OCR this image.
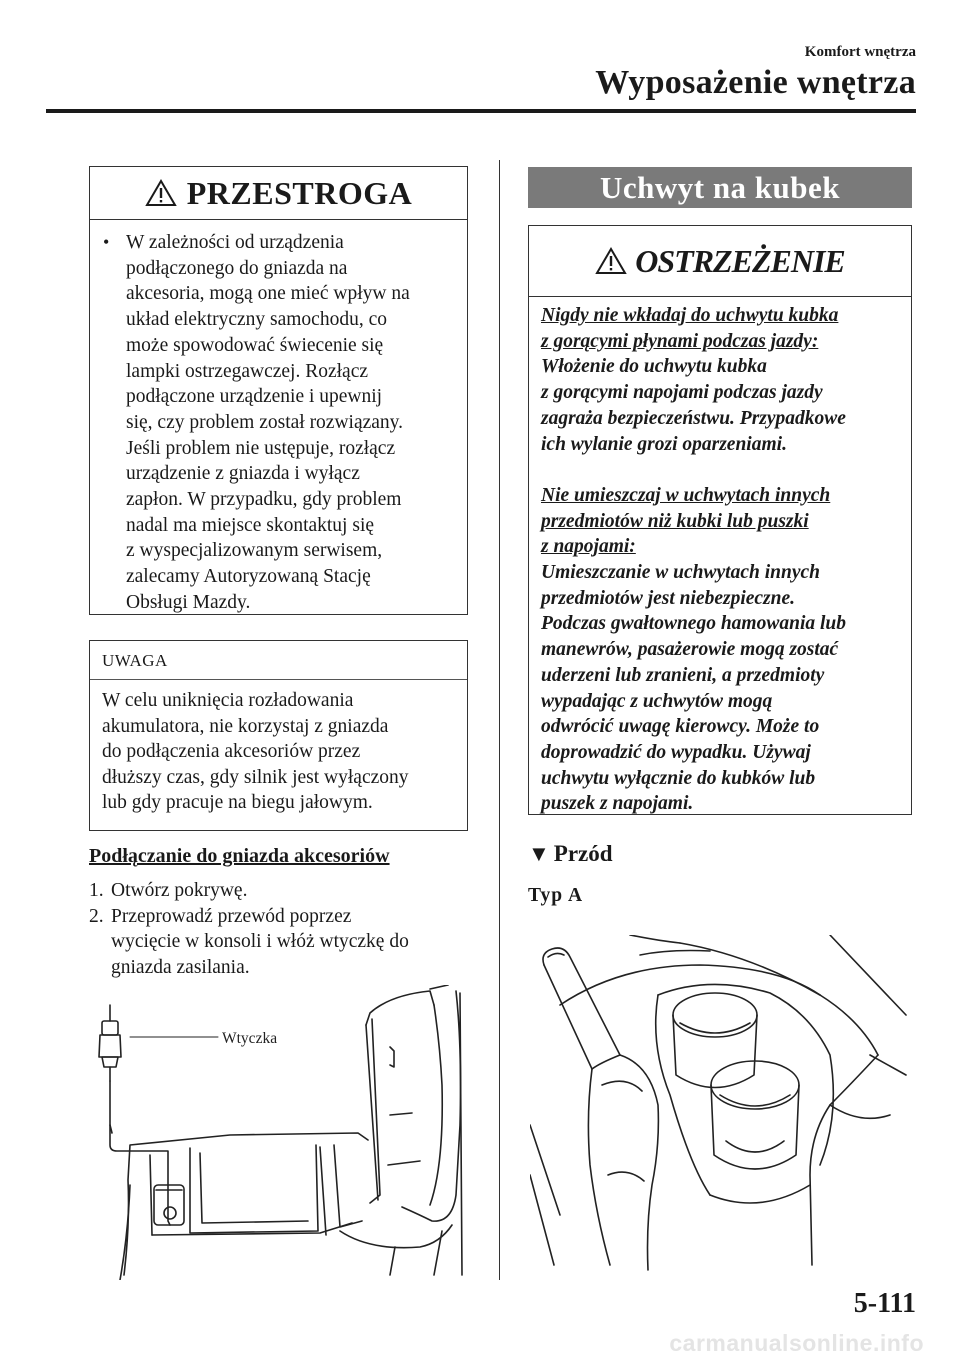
Komfort wnętrza
Wyposażenie wnętrza
PRZESTROGA
• W zależności od urządzenia
podłączonego do gniazda na
akcesoria, mogą one mieć wpływ na
układ elektryczny samochodu, co
może spowodować świecenie się
lampki ostrzegawczej. Rozłącz
podłączone urządzenie i upewnij
się, czy problem został rozwiązany.
Jeśli problem nie ustępuje, rozłącz
urządzenie z gniazda i wyłącz
zapłon. W przypadku, gdy problem
nadal ma miejsce skontaktuj się
z wyspecjalizowanym serwisem,
zalecamy Autoryzowaną Stację
Obsługi Mazdy.
UWAGA
W celu uniknięcia rozładowania
akumulatora, nie korzystaj z gniazda
do podłączenia akcesoriów przez
dłuższy czas, gdy silnik jest wyłączony
lub gdy pracuje na biegu jałowym.
Podłączanie do gniazda akcesoriów
1. Otwórz pokrywę.
2. Przeprowadź przewód poprzez
wycięcie w konsoli i włóż wtyczkę do
gniazda zasilania.
Wtyczka
Uchwyt na kubek
OSTRZEŻENIE
Nigdy nie wkładaj do uchwytu kubka
z gorącymi płynami podczas jazdy:
Włożenie do uchwytu kubka
z gorącymi napojami podczas jazdy
zagraża bezpieczeństwu. Przypadkowe
ich wylanie grozi oparzeniami.
Nie umieszczaj w uchwytach innych
przedmiotów niż kubki lub puszki
z napojami:
Umieszczanie w uchwytach innych
przedmiotów jest niebezpieczne.
Podczas gwałtownego hamowania lub
manewrów, pasażerowie mogą zostać
uderzeni lub zranieni, a przedmioty
wypadając z uchwytów mogą
odwrócić uwagę kierowcy. Może to
doprowadzić do wypadku. Używaj
uchwytu wyłącznie do kubków lub
puszek z napojami.
▼ Przód
Typ A
5-111
carmanualsonline.info
